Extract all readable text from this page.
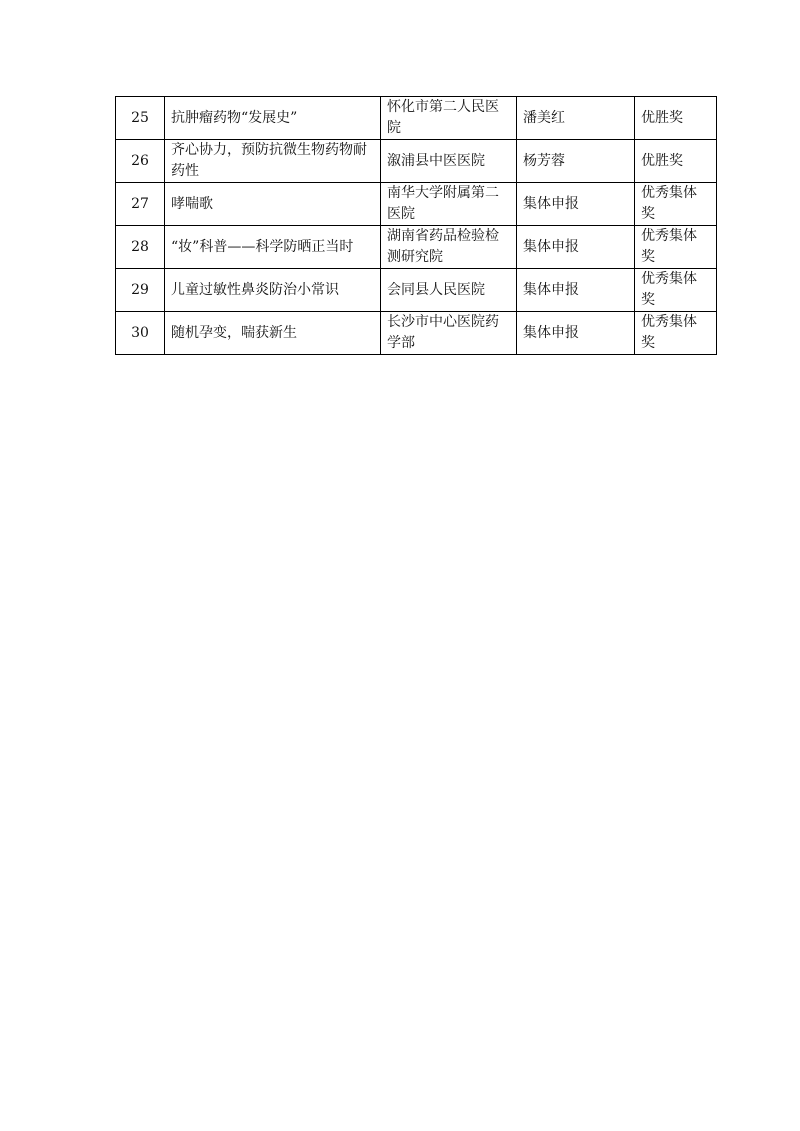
25	抗肿瘤药物“发展史”	怀化市第二人民医院	潘美红	优胜奖
26	齐心协力，预防抗微生物药物耐药性	溆浦县中医医院	杨芳蓉	优胜奖
27	哮喘歌	南华大学附属第二医院	集体申报	优秀集体奖
28	“妆”科普——科学防晒正当时	湖南省药品检验检测研究院	集体申报	优秀集体奖
29	儿童过敏性鼻炎防治小常识	会同县人民医院	集体申报	优秀集体奖
30	随机孕变，喘获新生	长沙市中心医院药学部	集体申报	优秀集体奖
